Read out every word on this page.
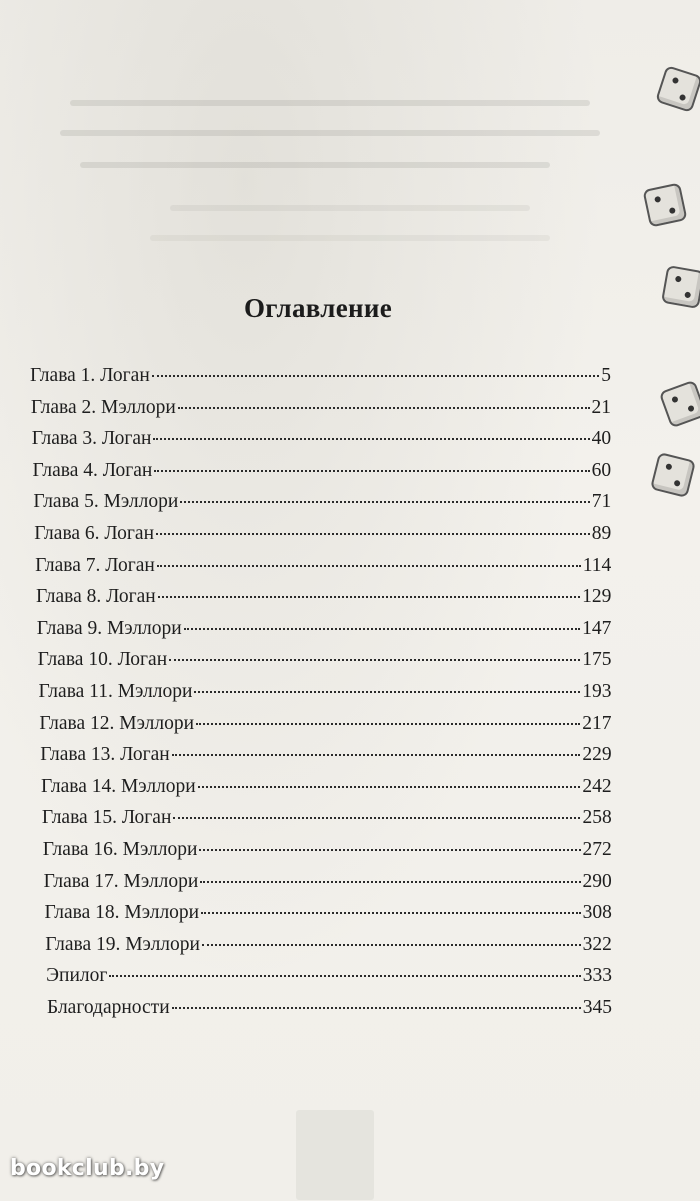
Оглавление
Глава 1. Логан	5
Глава 2. Мэллори	21
Глава 3. Логан	40
Глава 4. Логан	60
Глава 5. Мэллори	71
Глава 6. Логан	89
Глава 7. Логан	114
Глава 8. Логан	129
Глава 9. Мэллори	147
Глава 10. Логан	175
Глава 11. Мэллори	193
Глава 12. Мэллори	217
Глава 13. Логан	229
Глава 14. Мэллори	242
Глава 15. Логан	258
Глава 16. Мэллори	272
Глава 17. Мэллори	290
Глава 18. Мэллори	308
Глава 19. Мэллори	322
Эпилог	333
Благодарности	345
bookclub.by
